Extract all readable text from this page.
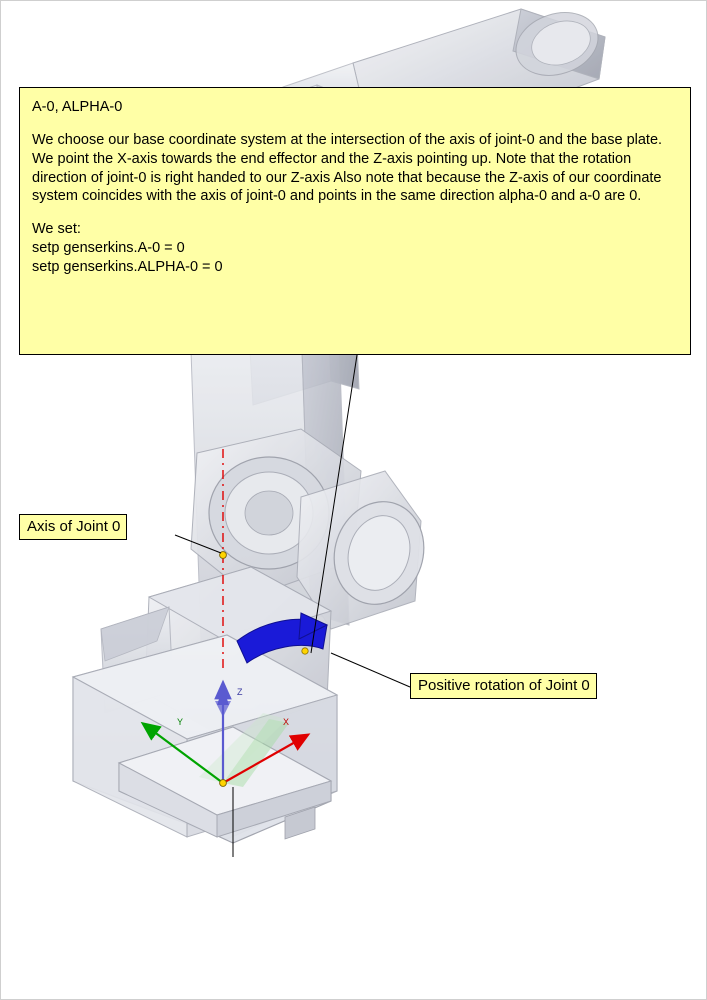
Z
X
Y

A-0, ALPHA-0

We choose our base coordinate system at the intersection of the axis of joint-0 and the base plate. We point the X-axis towards the end effector and the Z-axis pointing up. Note that the rotation direction of joint-0 is right handed to our Z-axis Also note that because the Z-axis of our coordinate system coincides with the axis of joint-0 and points in the same direction alpha-0 and a-0 are 0.

We set:

setp genserkins.A-0 = 0

setp genserkins.ALPHA-0 = 0

Axis of Joint 0
Positive rotation of Joint 0
